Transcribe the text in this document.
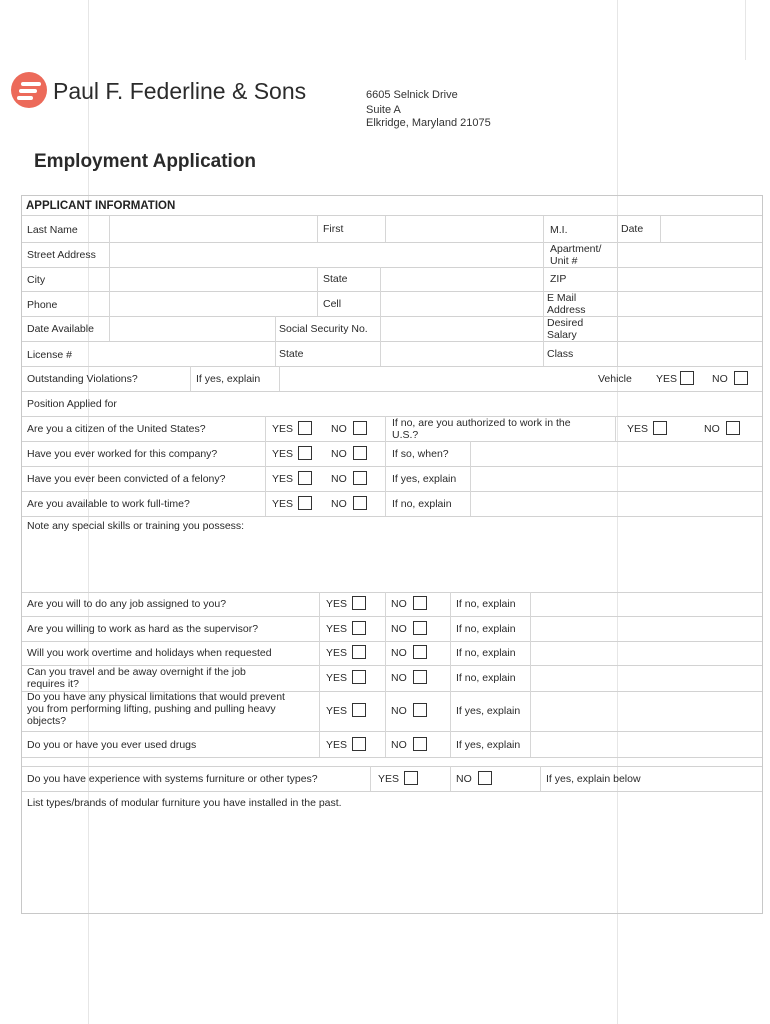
Paul F. Federline & Sons	6605 Selnick Drive
Suite A
Elkridge, Maryland 21075
Employment Application
APPLICANT INFORMATION
Last Name	First	M.I.	Date
Street Address	Apartment/
Unit #
City	State	ZIP
Phone	Cell	E Mail
Address
Date Available	Social Security No.	Desired
Salary
License #	State	Class
Outstanding Violations?	If yes, explain	Vehicle YES	NO
Position Applied for
Are you a citizen of the United States?	YES	NO	If no, are you authorized to work in the
U.S.?	YES	NO
Have you ever worked for this company?	YES	NO	If so, when?
Have you ever been convicted of a felony?	YES	NO	If yes, explain
Are you available to work full-time?	YES	NO	If no, explain
Note any special skills or training you possess:
Are you will to do any job assigned to you?	YES	NO	If no, explain
Are you willing to work as hard as the supervisor?	YES	NO	If no, explain
Will you work overtime and holidays when requested	YES	NO	If no, explain
Can you travel and be away overnight if the job
requires it?	YES	NO	If no, explain
Do you have any physical limitations that would prevent
you from performing lifting, pushing and pulling heavy
objects?
YES	NO	If yes, explain
Do you or have you ever used drugs	YES	NO	If yes, explain
Do you have experience with systems furniture or other types?	YES	NO	If yes, explain below
List types/brands of modular furniture you have installed in the past.
